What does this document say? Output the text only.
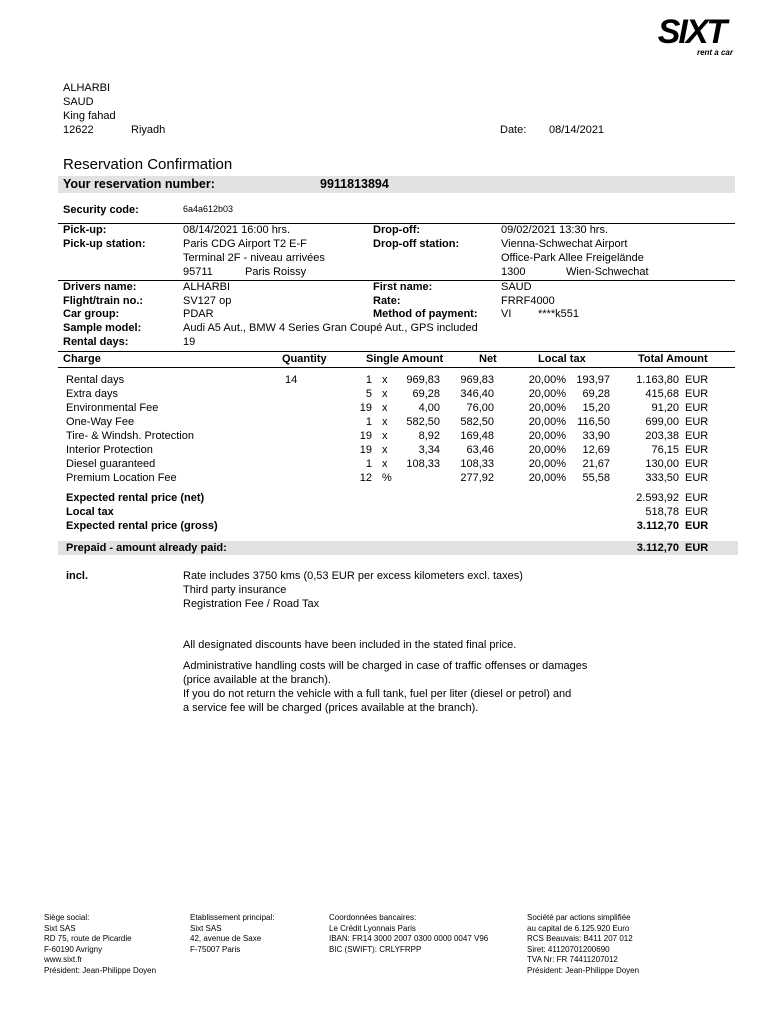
SIXT
rent a car
ALHARBI
SAUD
King fahad
12622	Riyadh	Date: 08/14/2021
Reservation Confirmation
Your reservation number:	9911813894
Security code:	6a4a612b03
Pick-up:	08/14/2021 16:00 hrs.	Drop-off:	09/02/2021 13:30 hrs.
Pick-up station:	Paris CDG Airport T2 E-F	Drop-off station:	Vienna-Schwechat Airport
Terminal 2F - niveau arrivées	Office-Park Allee Freigelände
95711	Paris Roissy	1300	Wien-Schwechat
Drivers name:	ALHARBI	First name:	SAUD
Flight/train no.:	SV127 op	Rate:	FRRF4000
Car group:	PDAR	Method of payment: VI ****k551
Sample model:	Audi A5 Aut., BMW 4 Series Gran Coupé Aut., GPS included
Rental days:	19
Charge	Quantity	Single Amount	Net	Local tax	Total Amount
Rental days	14	1 x	969,83	969,83	20,00% 193,97	1.163,80 EUR
Extra days	5 x	69,28	346,40	20,00%	69,28	415,68 EUR
Environmental Fee	19 x	4,00	76,00	20,00%	15,20	91,20 EUR
One-Way Fee	1 x	582,50	582,50	20,00%	116,50	699,00 EUR
Tire- & Windsh. Protection	19 x	8,92	169,48	20,00%	33,90	203,38 EUR
Interior Protection	19 x	3,34	63,46	20,00%	12,69	76,15 EUR
Diesel guaranteed	1 x	108,33	108,33	20,00%	21,67	130,00 EUR
Premium Location Fee	12 %	277,92	20,00%	55,58	333,50 EUR
Expected rental price (net)	2.593,92 EUR
Local tax	518,78 EUR
Expected rental price (gross)	3.112,70 EUR
Prepaid - amount already paid:	3.112,70 EUR
incl.	Rate includes 3750 kms (0,53 EUR per excess kilometers excl. taxes)
Third party insurance
Registration Fee / Road Tax
All designated discounts have been included in the stated final price.
Administrative handling costs will be charged in case of traffic offenses or damages
(price available at the branch).
If you do not return the vehicle with a full tank, fuel per liter (diesel or petrol) and
a service fee will be charged (prices available at the branch).
Siège social:
Sixt SAS
RD 75, route de Picardie
F-60190 Avrigny
www.sixt.fr
Président: Jean-Philippe Doyen
Etablissement principal:
Sixt SAS
42, avenue de Saxe
F-75007 Paris
Coordonnées bancaires:
Le Crédit Lyonnais Paris
IBAN: FR14 3000 2007 0300 0000 0047 V96
BIC (SWIFT): CRLYFRPP
Société par actions simplifiée
au capital de 6.125.920 Euro
RCS Beauvais: B411 207 012
Siret: 41120701200690
TVA Nr: FR 74411207012
Président: Jean-Philippe Doyen
